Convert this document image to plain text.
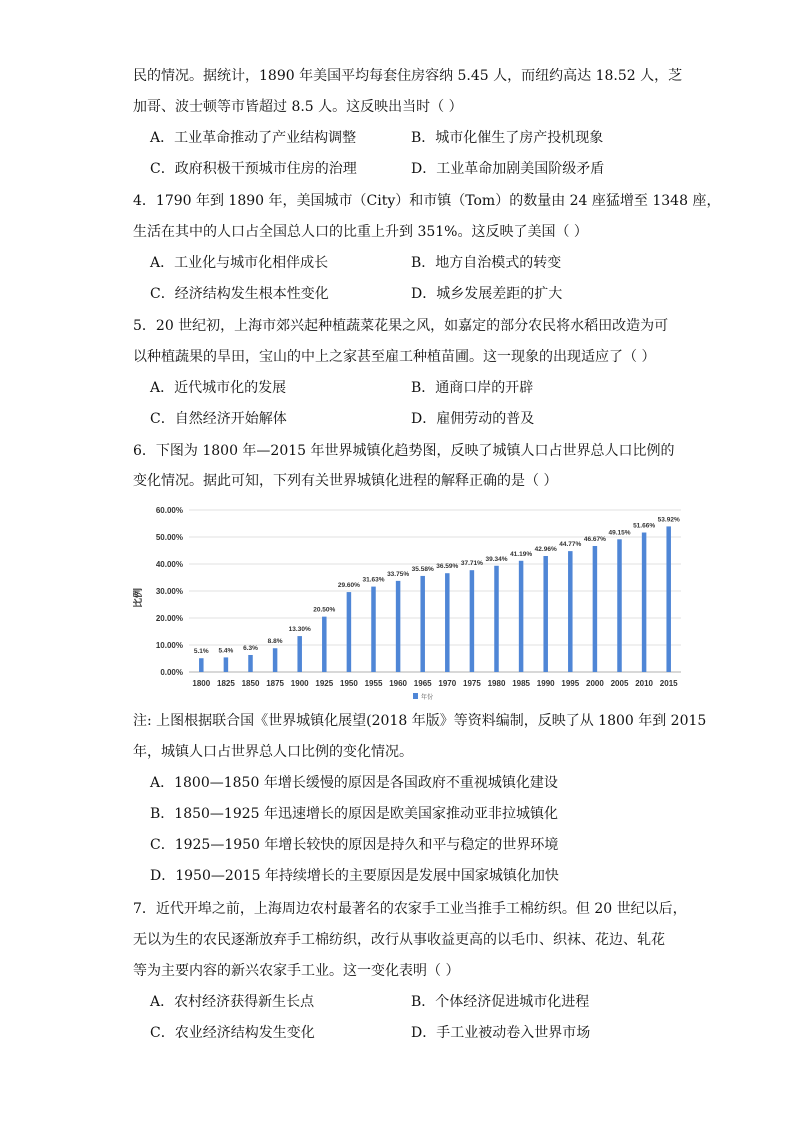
民的情况。据统计，1890 年美国平均每套住房容纳 5.45 人，而纽约高达 18.52 人，芝
加哥、波士顿等市皆超过 8.5 人。这反映出当时（ ）
A．工业革命推动了产业结构调整	B．城市化催生了房产投机现象
C．政府积极干预城市住房的治理	D．工业革命加剧美国阶级矛盾
4．1790 年到 1890 年，美国城市（City）和市镇（Tom）的数量由 24 座猛增至 1348 座，
生活在其中的人口占全国总人口的比重上升到 351%。这反映了美国（ ）
A．工业化与城市化相伴成长	B．地方自治模式的转变
C．经济结构发生根本性变化	D．城乡发展差距的扩大
5．20 世纪初，上海市郊兴起种植蔬菜花果之风，如嘉定的部分农民将水稻田改造为可
以种植蔬果的旱田，宝山的中上之家甚至雇工种植苗圃。这一现象的出现适应了（ ）
A．近代城市化的发展	B．通商口岸的开辟
C．自然经济开始解体	D．雇佣劳动的普及
6．下图为 1800 年—2015 年世界城镇化趋势图，反映了城镇人口占世界总人口比例的
变化情况。据此可知，下列有关世界城镇化进程的解释正确的是（ ）
0.00%
10.00%
20.00%
30.00%
40.00%
50.00%
60.00%
5.1% 5.4% 6.3%
8.8%
13.30%
20.50%
29.60%
31.63%
33.75%
35.58% 36.59% 37.71%
39.34%
41.19%
42.96%
44.77%
46.67%
49.15%
51.66%
53.92%
1800 1825 1850 1875 1900 1925 1950 1955 1960 1965 1970 1975 1980 1985 1990 1995 2000 2005 2010 2015
比例
年份
注: 上图根据联合国《世界城镇化展望(2018 年版》等资料编制，反映了从 1800 年到 2015
年，城镇人口占世界总人口比例的变化情况。
A．1800—1850 年增长缓慢的原因是各国政府不重视城镇化建设
B．1850—1925 年迅速增长的原因是欧美国家推动亚非拉城镇化
C．1925—1950 年增长较快的原因是持久和平与稳定的世界环境
D．1950—2015 年持续增长的主要原因是发展中国家城镇化加快
7．近代开埠之前，上海周边农村最著名的农家手工业当推手工棉纺织。但 20 世纪以后，
无以为生的农民逐渐放弃手工棉纺织，改行从事收益更高的以毛巾、织袜、花边、轧花
等为主要内容的新兴农家手工业。这一变化表明（ ）
A．农村经济获得新生长点	B．个体经济促进城市化进程
C．农业经济结构发生变化	D．手工业被动卷入世界市场
